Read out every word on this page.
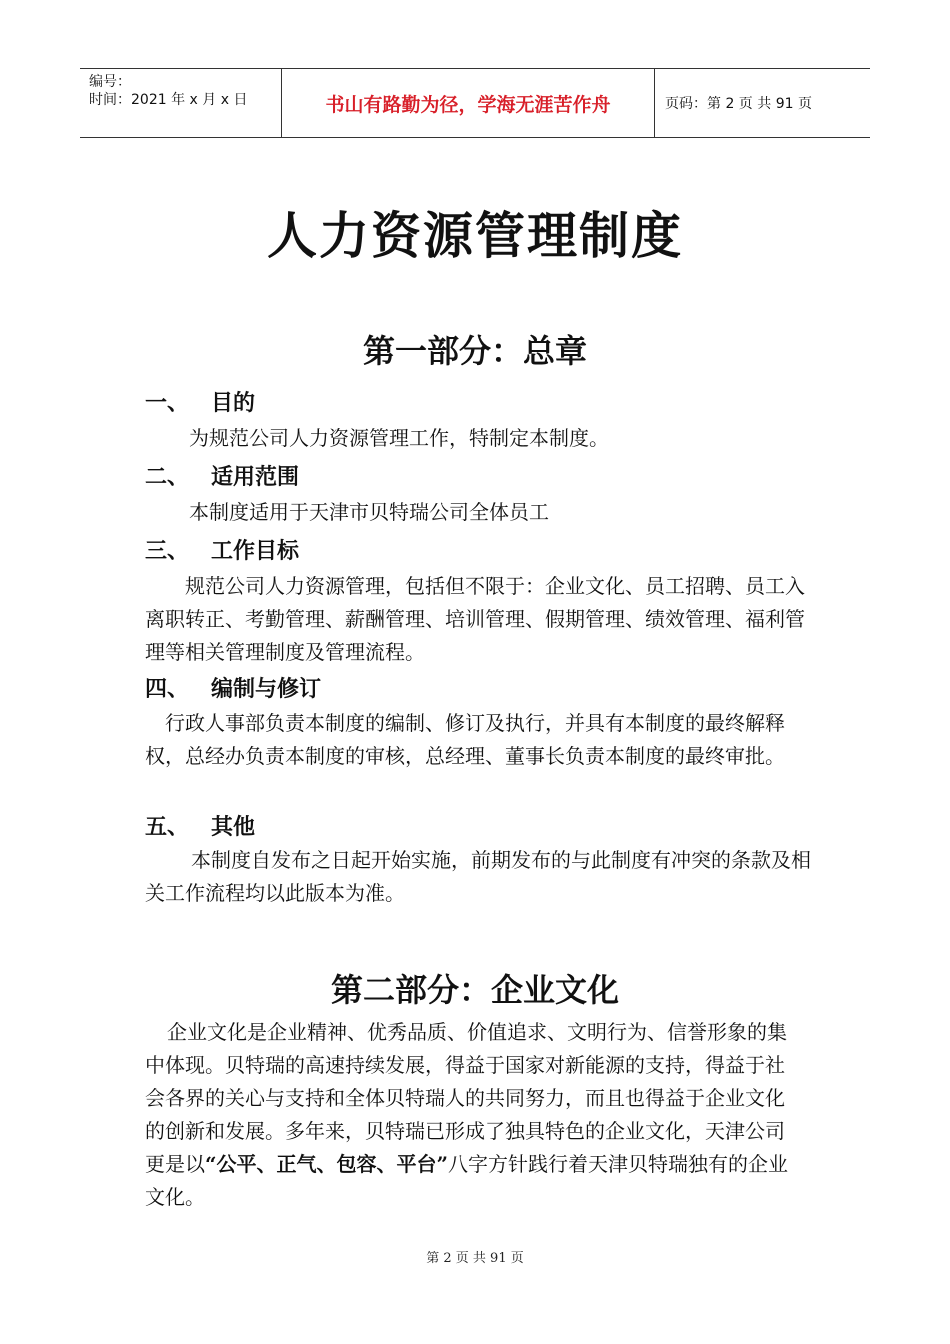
编号：
时间：2021 年 x 月 x 日	书山有路勤为径，学海无涯苦作舟	页码：第 2 页 共 91 页
人力资源管理制度
第一部分：总章
一、 目的
为规范公司人力资源管理工作，特制定本制度。
二、 适用范围
本制度适用于天津市贝特瑞公司全体员工
三、 工作目标
规范公司人力资源管理，包括但不限于：企业文化、员工招聘、员工入离职转正、考勤管理、薪酬管理、培训管理、假期管理、绩效管理、福利管理等相关管理制度及管理流程。
四、 编制与修订
行政人事部负责本制度的编制、修订及执行，并具有本制度的最终解释权，总经办负责本制度的审核，总经理、董事长负责本制度的最终审批。
五、 其他
本制度自发布之日起开始实施，前期发布的与此制度有冲突的条款及相关工作流程均以此版本为准。
第二部分：企业文化
企业文化是企业精神、优秀品质、价值追求、文明行为、信誉形象的集中体现。贝特瑞的高速持续发展，得益于国家对新能源的支持，得益于社会各界的关心与支持和全体贝特瑞人的共同努力，而且也得益于企业文化的创新和发展。多年来，贝特瑞已形成了独具特色的企业文化，天津公司更是以“公平、正气、包容、平台”八字方针践行着天津贝特瑞独有的企业文化。
第 2 页 共 91 页
